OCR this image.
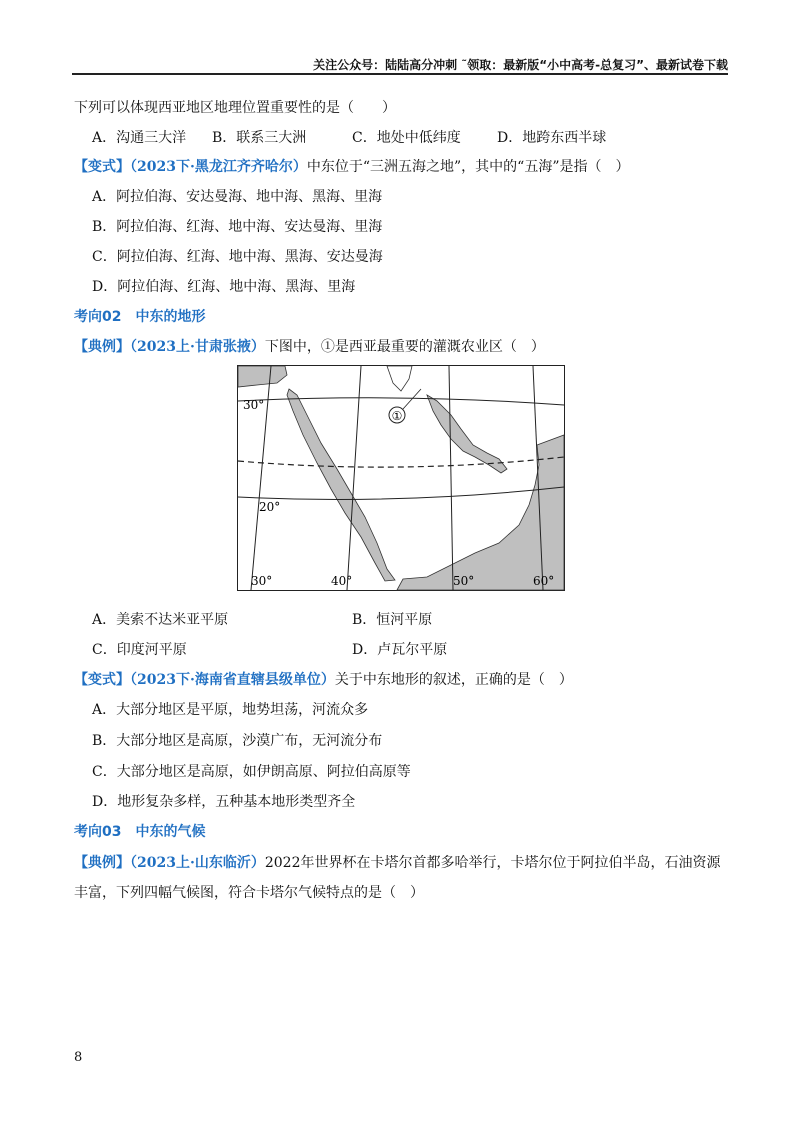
关注公众号：陆陆高分冲刺 ˜领取：最新版“小中高考-总复习”、最新试卷下载
下列可以体现西亚地区地理位置重要性的是（　　）
A．沟通三大洋 B．联系三大洲	C．地处中低纬度	D．地跨东西半球
【变式】（2023下·黑龙江齐齐哈尔）中东位于“三洲五海之地”，其中的“五海”是指（　）
A．阿拉伯海、安达曼海、地中海、黑海、里海
B．阿拉伯海、红海、地中海、安达曼海、里海
C．阿拉伯海、红海、地中海、黑海、安达曼海
D．阿拉伯海、红海、地中海、黑海、里海
考向02　中东的地形
【典例】（2023上·甘肃张掖）下图中，①是西亚最重要的灌溉农业区（　）
①
30°
20°
30°	40°	50°	60°
A．美索不达米亚平原	B．恒河平原
C．印度河平原	D．卢瓦尔平原
【变式】（2023下·海南省直辖县级单位）关于中东地形的叙述，正确的是（　）
A．大部分地区是平原，地势坦荡，河流众多
B．大部分地区是高原，沙漠广布，无河流分布
C．大部分地区是高原，如伊朗高原、阿拉伯高原等
D．地形复杂多样，五种基本地形类型齐全
考向03　中东的气候
【典例】（2023上·山东临沂）2022年世界杯在卡塔尔首都多哈举行，卡塔尔位于阿拉伯半岛，石油资源
丰富，下列四幅气候图，符合卡塔尔气候特点的是（　）
8
